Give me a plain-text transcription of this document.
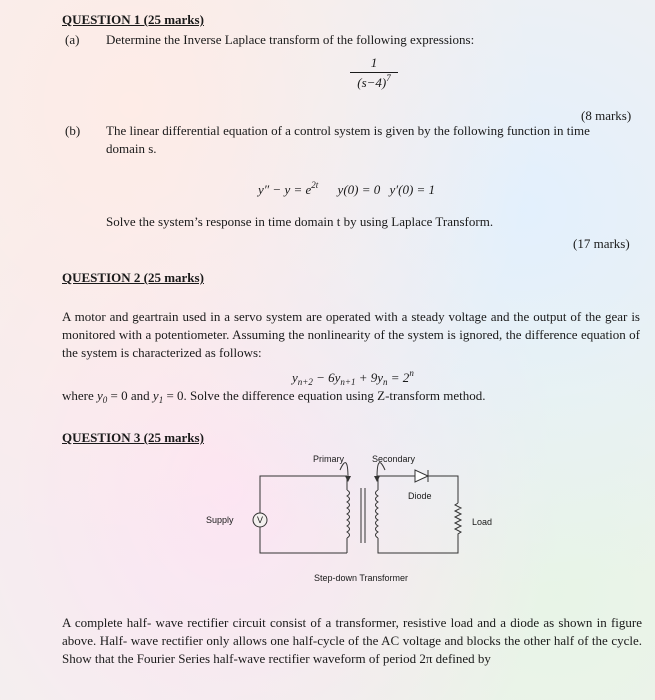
QUESTION 1 (25 marks)
(a) Determine the Inverse Laplace transform of the following expressions:
$\frac{1}{(s-4)^7}$
(8 marks)
(b) The linear differential equation of a control system is given by the following function in time
domain s.
$y'' - y = e^{2t}$ y(0) = 0 y′(0) = 1
Solve the system’s response in time domain t by using Laplace Transform.
(17 marks)
QUESTION 2 (25 marks)
A motor and geartrain used in a servo system are operated with a steady voltage and the output of the gear is monitored with a potentiometer. Assuming the nonlinearity of the system is ignored, the difference equation of the system is characterized as follows:
$y_{n+2} - 6y_{n+1} + 9y_n = 2^n$
where $y_0 = 0$ and $y_1 = 0$. Solve the difference equation using Z-transform method.
QUESTION 3 (25 marks)
Primary	Secondary
Diode
Supply	V	Load
Step-down Transformer
A complete half- wave rectifier circuit consist of a transformer, resistive load and a diode as shown in figure above. Half- wave rectifier only allows one half-cycle of the AC voltage and blocks the other half of the cycle. Show that the Fourier Series half-wave rectifier waveform of period 2π defined by
